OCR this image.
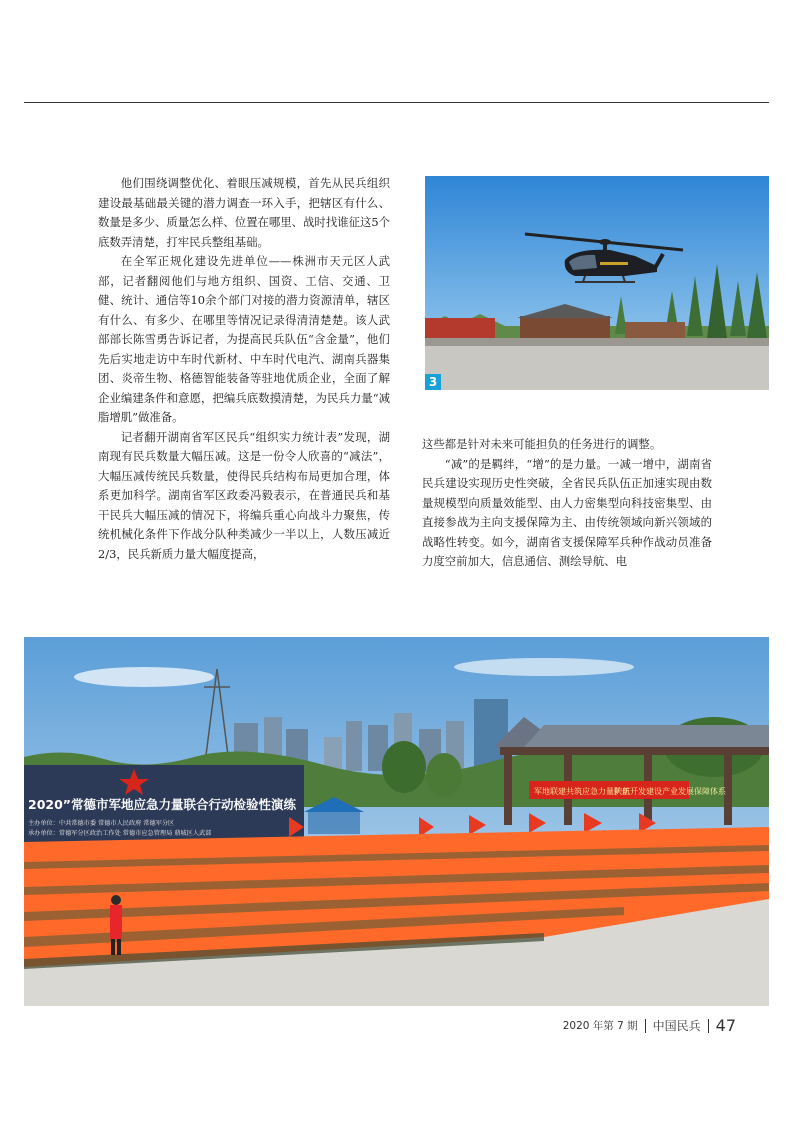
他们围绕调整优化、着眼压减规模，首先从民兵组织建设最基础最关键的潜力调查一环入手，把辖区有什么、数量是多少、质量怎么样、位置在哪里、战时找谁征这5个底数弄清楚，打牢民兵整组基础。

在全军正规化建设先进单位——株洲市天元区人武部，记者翻阅他们与地方组织、国资、工信、交通、卫健、统计、通信等10余个部门对接的潜力资源清单，辖区有什么、有多少、在哪里等情况记录得清清楚楚。该人武部部长陈雪勇告诉记者，为提高民兵队伍“含金量”，他们先后实地走访中车时代新材、中车时代电汽、湖南兵器集团、炎帝生物、格德智能装备等驻地优质企业，全面了解企业编建条件和意愿，把编兵底数摸清楚，为民兵力量“减脂增肌”做准备。

记者翻开湖南省军区民兵“组织实力统计表”发现，湖南现有民兵数量大幅压减。这是一份令人欣喜的“减法”，大幅压减传统民兵数量，使得民兵结构布局更加合理，体系更加科学。湖南省军区政委冯毅表示，在普通民兵和基干民兵大幅压减的情况下，将编兵重心向战斗力聚焦，传统机械化条件下作战分队种类减少一半以上，人数压减近2/3，民兵新质力量大幅度提高，

3

这些都是针对未来可能担负的任务进行的调整。

“减”的是羁绊，“增”的是力量。一减一增中，湖南省民兵建设实现历史性突破，全省民兵队伍正加速实现由数量规模型向质量效能型、由人力密集型向科技密集型、由直接参战为主向支援保障为主、由传统领域向新兴领域的战略性转变。如今，湖南省支援保障军兵种作战动员准备力度空前加大，信息通信、测绘导航、电

2020”常德市军地应急力量联合行动检验性演练
主办单位：中共常德市委 常德市人民政府 常德军分区
承办单位：常德军分区政治工作处 常德市应急管理局 鼎城区人武部
军地联建共筑应急力量队伍
护航开发建设产业发展保障体系
2020 年第 7 期 中国民兵 47
